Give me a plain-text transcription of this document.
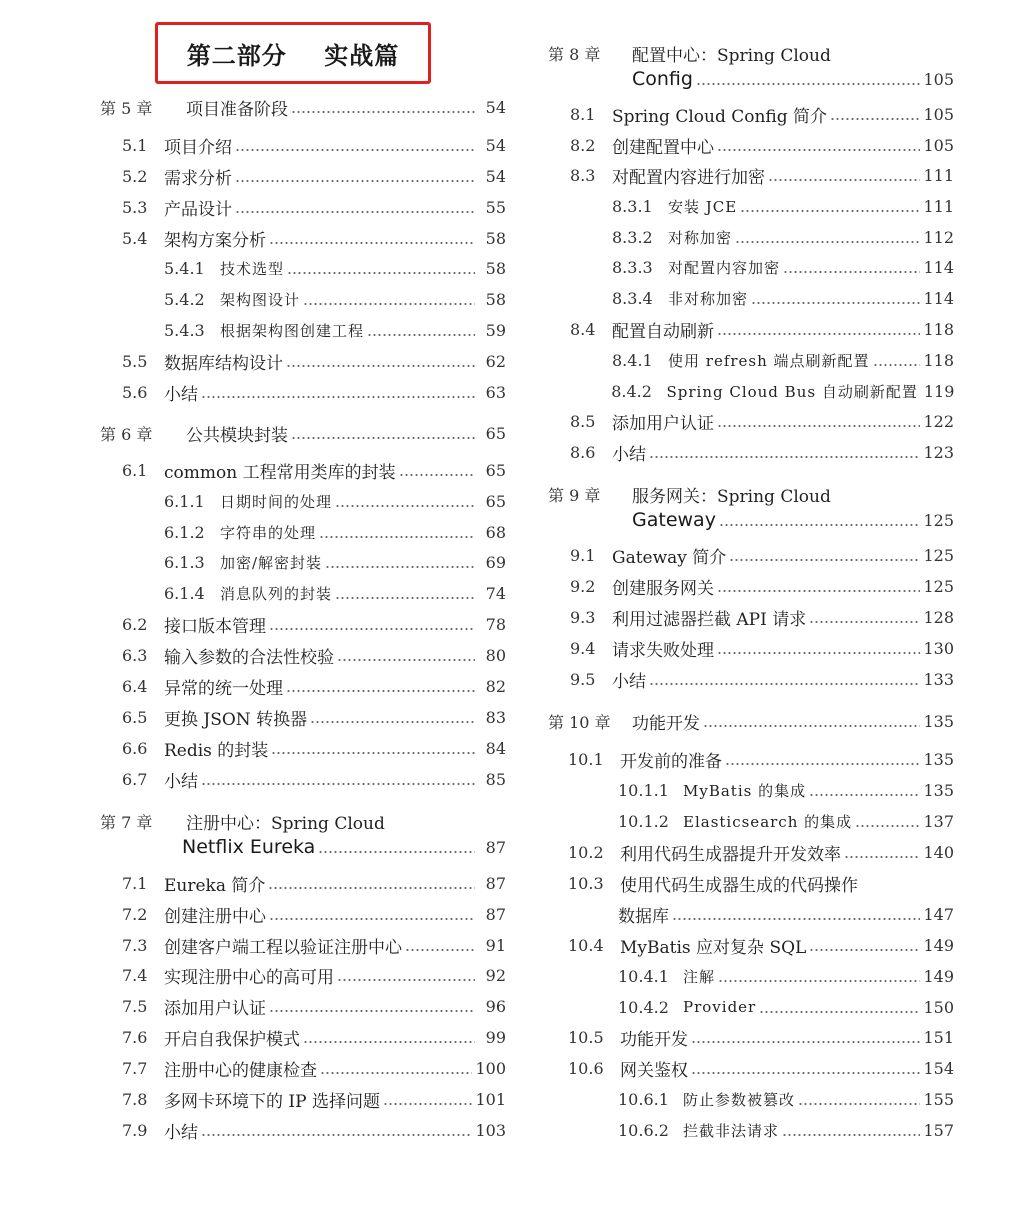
第二部分    实战篇
第 5 章	项目准备阶段	54
5.1 项目介绍	54
5.2 需求分析	54
5.3 产品设计	55
5.4 架构方案分析	58
5.4.1	技术选型	58
5.4.2	架构图设计	58
5.4.3	根据架构图创建工程	59
5.5 数据库结构设计	62
5.6 小结	63
第 6 章	公共模块封装	65
6.1 common 工程常用类库的封装	65
6.1.1	日期时间的处理	65
6.1.2	字符串的处理	68
6.1.3	加密/解密封装	69
6.1.4	消息队列的封装	74
6.2 接口版本管理	78
6.3 输入参数的合法性校验	80
6.4 异常的统一处理	82
6.5 更换 JSON 转换器	83
6.6 Redis 的封装	84
6.7 小结	85
第 7 章	注册中心：Spring Cloud
Netflix Eureka	87
7.1 Eureka 简介	87
7.2 创建注册中心	87
7.3 创建客户端工程以验证注册中心	91
7.4 实现注册中心的高可用	92
7.5 添加用户认证	96
7.6 开启自我保护模式	99
7.7 注册中心的健康检查	100
7.8 多网卡环境下的 IP 选择问题	101
7.9 小结	103
第 8 章	配置中心：Spring Cloud
Config	105
8.1 Spring Cloud Config 简介	105
8.2 创建配置中心	105
8.3 对配置内容进行加密	111
8.3.1	安装 JCE	111
8.3.2	对称加密	112
8.3.3	对配置内容加密	114
8.3.4	非对称加密	114
8.4 配置自动刷新	118
8.4.1	使用 refresh 端点刷新配置	118
8.4.2 Spring Cloud Bus 自动刷新配置 119
8.5 添加用户认证	122
8.6 小结	123
第 9 章	服务网关：Spring Cloud
Gateway	125
9.1 Gateway 简介	125
9.2 创建服务网关	125
9.3 利用过滤器拦截 API 请求	128
9.4 请求失败处理	130
9.5 小结	133
第 10 章	功能开发	135
10.1 开发前的准备	135
10.1.1 MyBatis 的集成	135
10.1.2 Elasticsearch 的集成	137
10.2 利用代码生成器提升开发效率	140
10.3 使用代码生成器生成的代码操作
数据库	147
10.4 MyBatis 应对复杂 SQL	149
10.4.1 注解	149
10.4.2 Provider	150
10.5 功能开发	151
10.6 网关鉴权	154
10.6.1 防止参数被篡改	155
10.6.2 拦截非法请求	157
